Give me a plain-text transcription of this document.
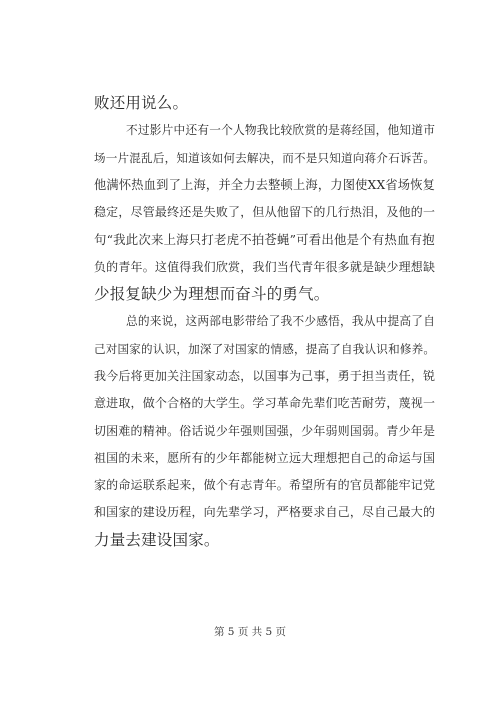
败还用说么。
不过影片中还有一个人物我比较欣赏的是蒋经国，他知道市
场一片混乱后，知道该如何去解决，而不是只知道向蒋介石诉苦。
他满怀热血到了上海，并全力去整顿上海，力图使XX省场恢复
稳定，尽管最终还是失败了，但从他留下的几行热泪，及他的一
句“我此次来上海只打老虎不拍苍蝇”可看出他是个有热血有抱
负的青年。这值得我们欣赏，我们当代青年很多就是缺少理想缺
少报复缺少为理想而奋斗的勇气。
总的来说，这两部电影带给了我不少感悟，我从中提高了自
己对国家的认识，加深了对国家的情感，提高了自我认识和修养。
我今后将更加关注国家动态，以国事为己事，勇于担当责任，锐
意进取，做个合格的大学生。学习革命先辈们吃苦耐劳，蔑视一
切困难的精神。俗话说少年强则国强，少年弱则国弱。青少年是
祖国的未来，愿所有的少年都能树立远大理想把自己的命运与国
家的命运联系起来，做个有志青年。希望所有的官员都能牢记党
和国家的建设历程，向先辈学习，严格要求自己，尽自己最大的
力量去建设国家。
第 5 页 共 5 页
